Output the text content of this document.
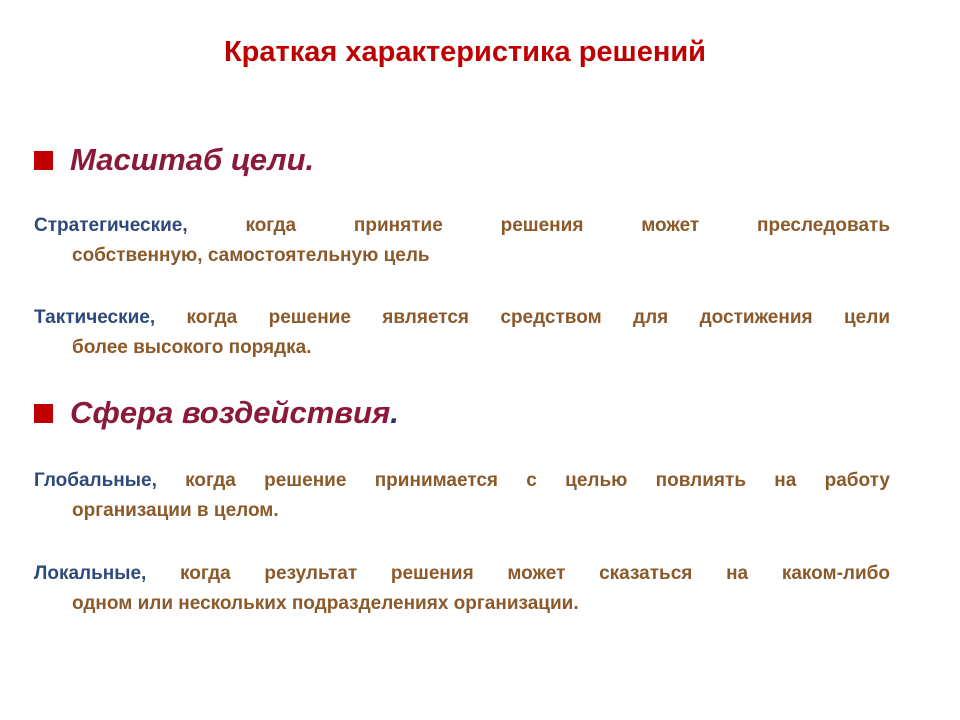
Краткая характеристика решений
Масштаб цели .
Стратегические,	когда принятие решения может преследовать
собственную, самостоятельную цель
Тактические, когда решение является средством для достижения цели
более высокого порядка.
Сфера воздействия .
Глобальные, когда решение принимается с целью повлиять на работу
организации в целом.
Локальные, когда результат решения может сказаться на каком-либо
одном или нескольких подразделениях организации.
